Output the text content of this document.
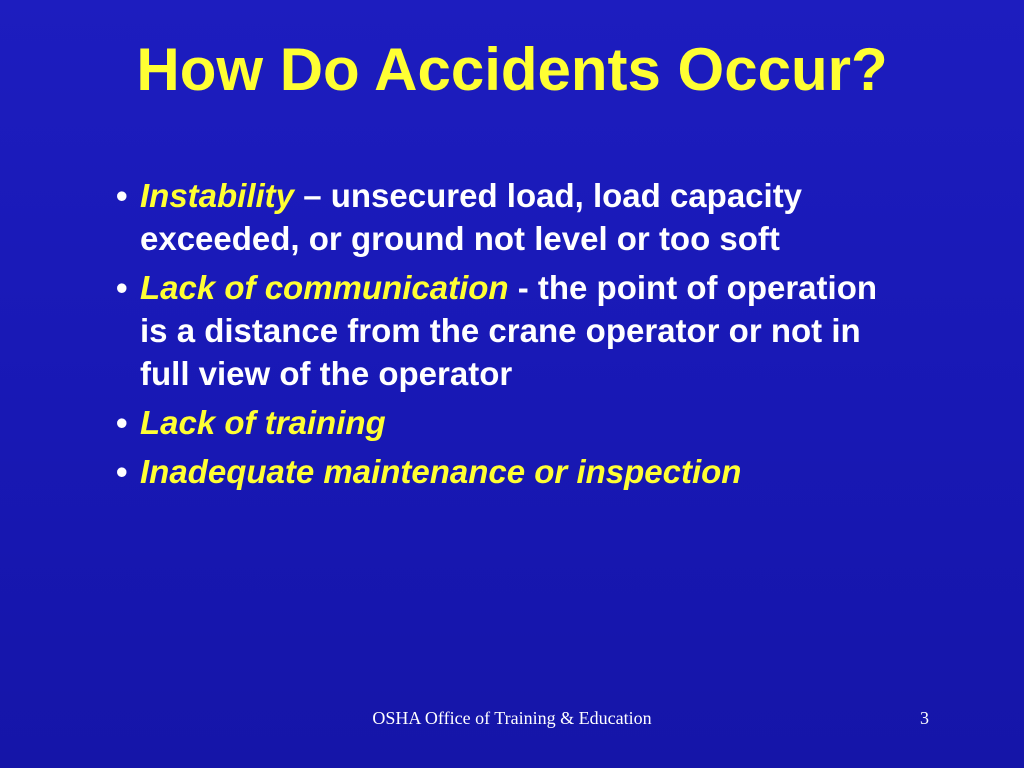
How Do Accidents Occur?
• Instability – unsecured load, load capacity exceeded, or ground not level or too soft
• Lack of communication - the point of operation is a distance from the crane operator or not in full view of the operator
• Lack of training
• Inadequate maintenance or inspection
OSHA Office of Training & Education	3
